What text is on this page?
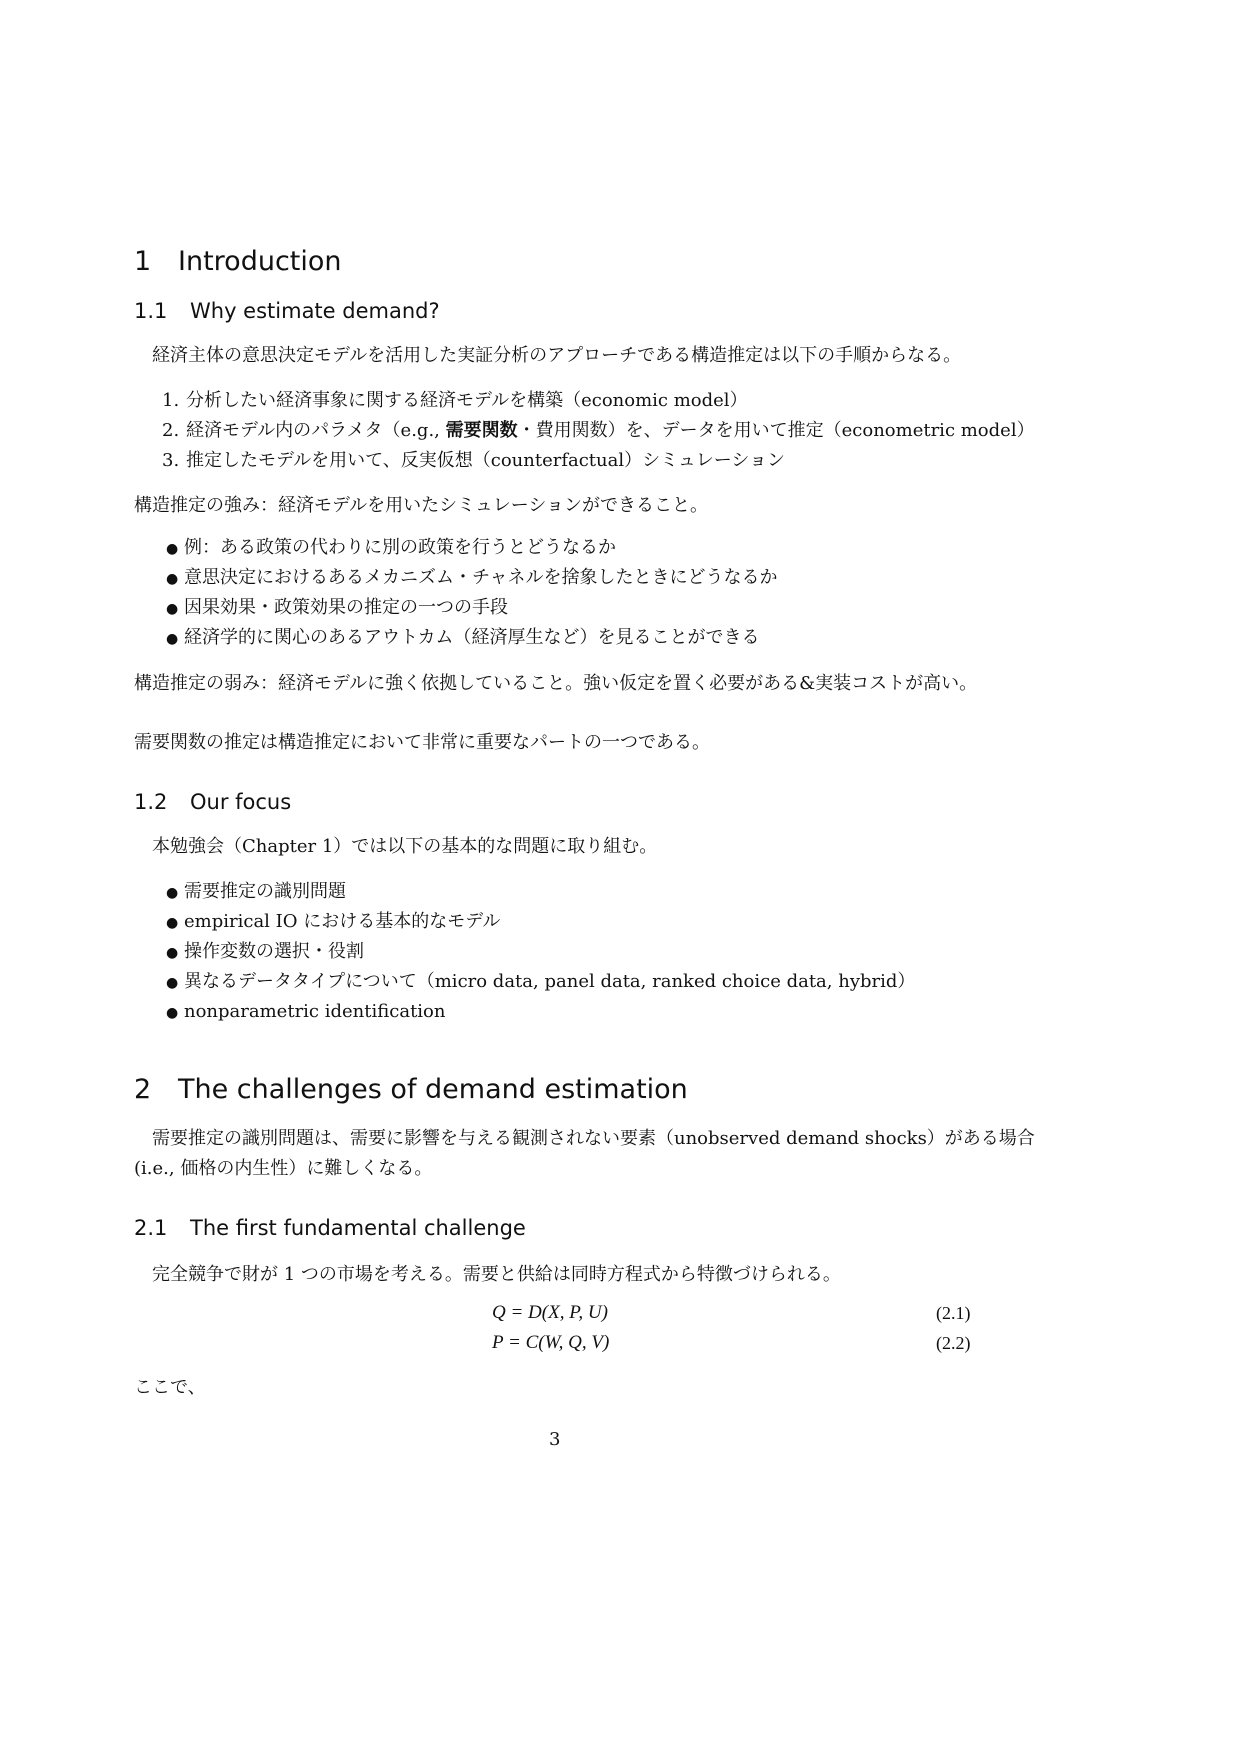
1 Introduction
1.1 Why estimate demand?
経済主体の意思決定モデルを活用した実証分析のアプローチである構造推定は以下の手順からなる。
1. 分析したい経済事象に関する経済モデルを構築（economic model）
2. 経済モデル内のパラメタ（e.g., 需要関数・費用関数）を、データを用いて推定（econometric model）
3. 推定したモデルを用いて、反実仮想（counterfactual）シミュレーション
構造推定の強み：経済モデルを用いたシミュレーションができること。
● 例：ある政策の代わりに別の政策を行うとどうなるか
● 意思決定におけるあるメカニズム・チャネルを捨象したときにどうなるか
● 因果効果・政策効果の推定の一つの手段
● 経済学的に関心のあるアウトカム（経済厚生など）を見ることができる
構造推定の弱み：経済モデルに強く依拠していること。強い仮定を置く必要がある&実装コストが高い。
需要関数の推定は構造推定において非常に重要なパートの一つである。
1.2 Our focus
本勉強会（Chapter 1）では以下の基本的な問題に取り組む。
● 需要推定の識別問題
● empirical IO における基本的なモデル
● 操作変数の選択・役割
● 異なるデータタイプについて（micro data, panel data, ranked choice data, hybrid）
● nonparametric identification
2 The challenges of demand estimation
需要推定の識別問題は、需要に影響を与える観測されない要素（unobserved demand shocks）がある場合
(i.e., 価格の内生性）に難しくなる。
2.1 The first fundamental challenge
完全競争で財が 1 つの市場を考える。需要と供給は同時方程式から特徴づけられる。
Q = D(X, P, U)	(2.1)
P = C(W, Q, V)	(2.2)
ここで、
3
